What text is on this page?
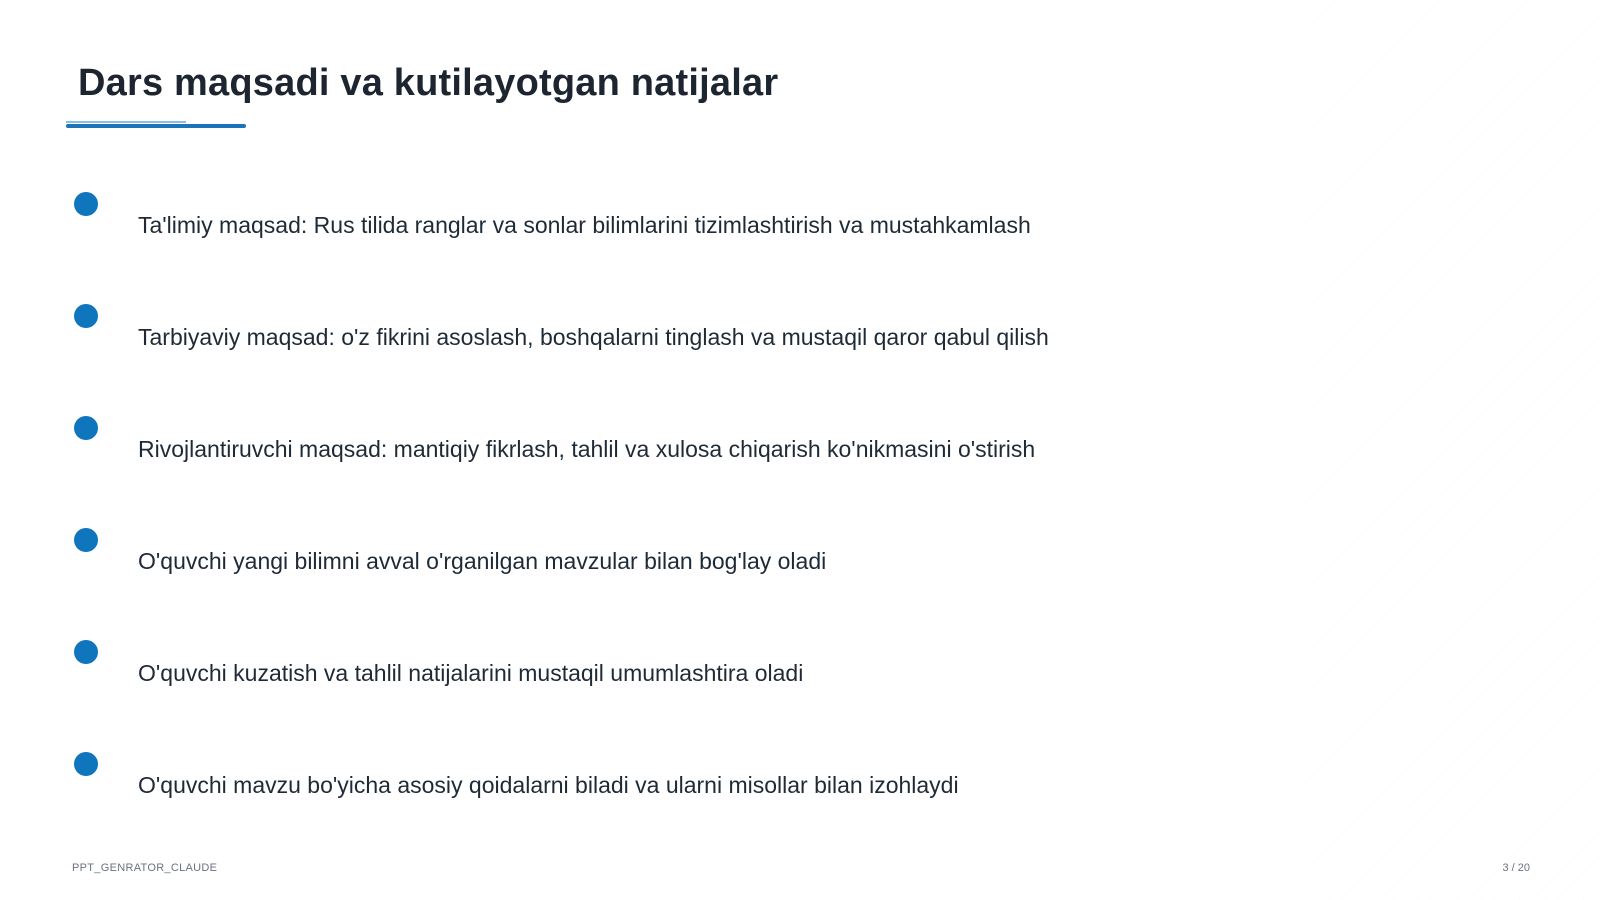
Dars maqsadi va kutilayotgan natijalar
Ta'limiy maqsad: Rus tilida ranglar va sonlar bilimlarini tizimlashtirish va mustahkamlash
Tarbiyaviy maqsad: o'z fikrini asoslash, boshqalarni tinglash va mustaqil qaror qabul qilish
Rivojlantiruvchi maqsad: mantiqiy fikrlash, tahlil va xulosa chiqarish ko'nikmasini o'stirish
O'quvchi yangi bilimni avval o'rganilgan mavzular bilan bog'lay oladi
O'quvchi kuzatish va tahlil natijalarini mustaqil umumlashtira oladi
O'quvchi mavzu bo'yicha asosiy qoidalarni biladi va ularni misollar bilan izohlaydi
PPT_GENRATOR_CLAUDE	3 / 20
